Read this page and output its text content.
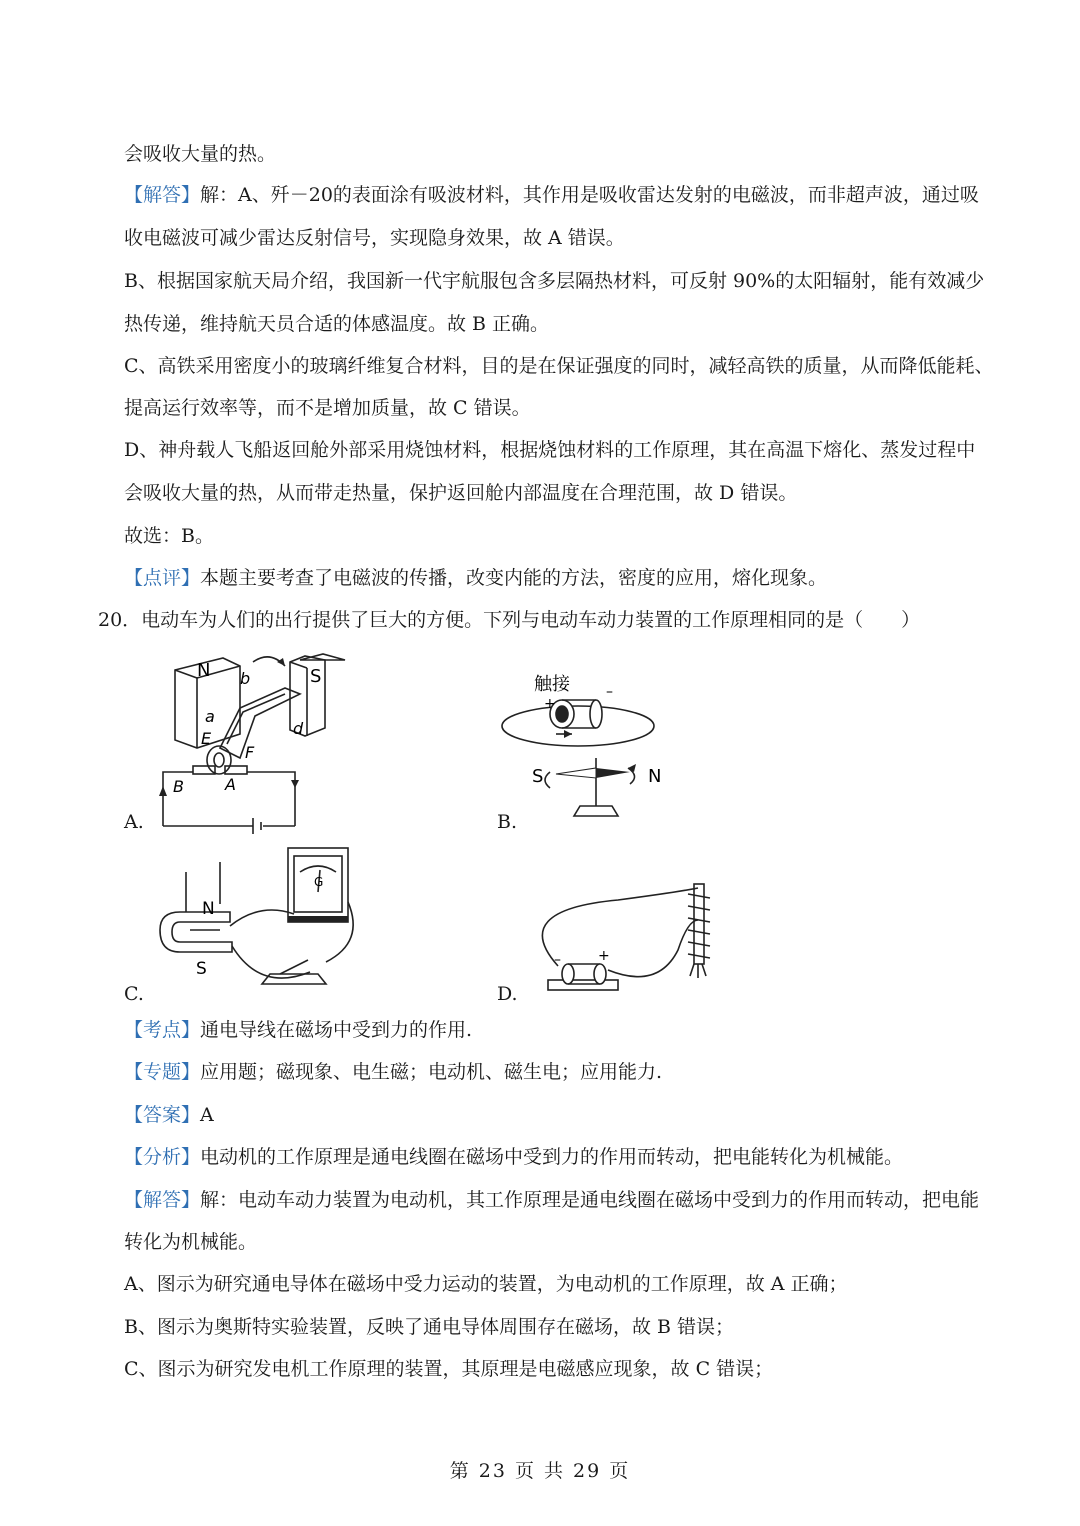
会吸收大量的热。
【解答】解：A、歼－20的表面涂有吸波材料，其作用是吸收雷达发射的电磁波，而非超声波，通过吸
收电磁波可减少雷达反射信号，实现隐身效果，故 A 错误。
B、根据国家航天局介绍，我国新一代宇航服包含多层隔热材料，可反射 90%的太阳辐射，能有效减少
热传递，维持航天员合适的体感温度。故 B 正确。
C、高铁采用密度小的玻璃纤维复合材料，目的是在保证强度的同时，减轻高铁的质量，从而降低能耗、
提高运行效率等，而不是增加质量，故 C 错误。
D、神舟载人飞船返回舱外部采用烧蚀材料，根据烧蚀材料的工作原理，其在高温下熔化、蒸发过程中
会吸收大量的热，从而带走热量，保护返回舱内部温度在合理范围，故 D 错误。
故选：B。
【点评】本题主要考查了电磁波的传播，改变内能的方法，密度的应用，熔化现象。
20．电动车为人们的出行提供了巨大的方便。下列与电动车动力装置的工作原理相同的是（　　）
N	S
b
a
d
E
F
B	A
A.
触接
+
–
S	N
B.
N
S
G
C.
–	+
D.
【考点】通电导线在磁场中受到力的作用.
【专题】应用题；磁现象、电生磁；电动机、磁生电；应用能力.
【答案】A
【分析】电动机的工作原理是通电线圈在磁场中受到力的作用而转动，把电能转化为机械能。
【解答】解：电动车动力装置为电动机，其工作原理是通电线圈在磁场中受到力的作用而转动，把电能
转化为机械能。
A、图示为研究通电导体在磁场中受力运动的装置，为电动机的工作原理，故 A 正确；
B、图示为奥斯特实验装置，反映了通电导体周围存在磁场，故 B 错误；
C、图示为研究发电机工作原理的装置，其原理是电磁感应现象，故 C 错误；
第 23 页 共 29 页
